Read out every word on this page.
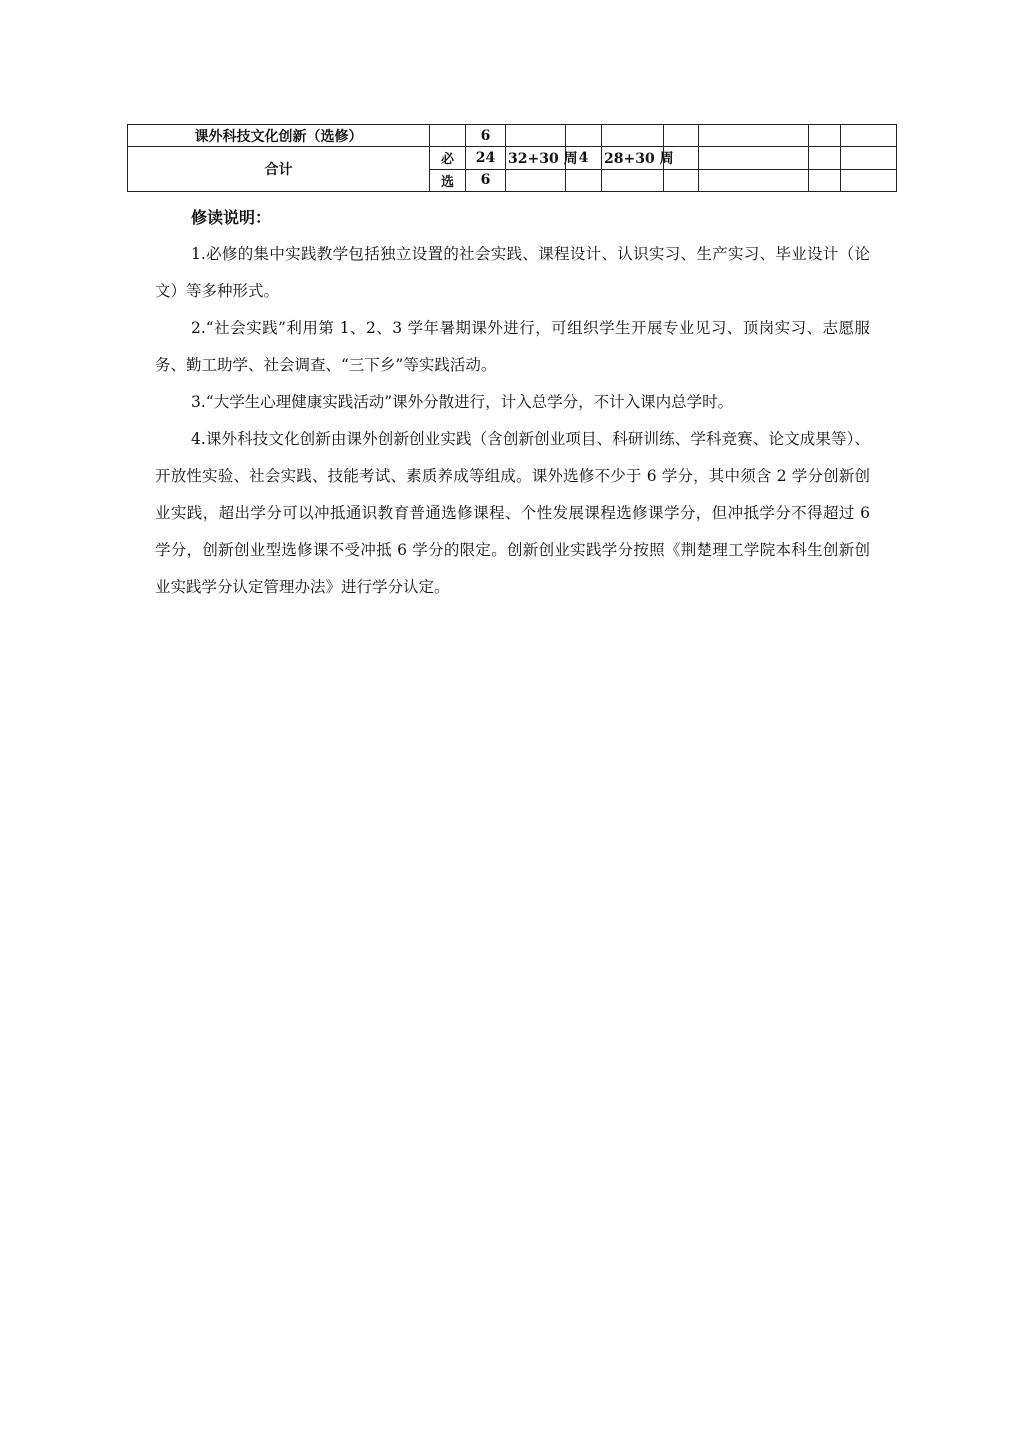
课外科技文化创新（选修）		6							
合计	必	24	32+30 周	4	28+30 周				
	选	6							
修读说明：

1.必修的集中实践教学包括独立设置的社会实践、课程设计、认识实习、生产实习、毕业设计（论文）等多种形式。

2.“社会实践”利用第 1、2、3 学年暑期课外进行，可组织学生开展专业见习、顶岗实习、志愿服务、勤工助学、社会调查、“三下乡”等实践活动。

3.“大学生心理健康实践活动”课外分散进行，计入总学分，不计入课内总学时。

4.课外科技文化创新由课外创新创业实践（含创新创业项目、科研训练、学科竞赛、论文成果等）、开放性实验、社会实践、技能考试、素质养成等组成。课外选修不少于 6 学分，其中须含 2 学分创新创业实践，超出学分可以冲抵通识教育普通选修课程、个性发展课程选修课学分，但冲抵学分不得超过 6 学分，创新创业型选修课不受冲抵 6 学分的限定。创新创业实践学分按照《荆楚理工学院本科生创新创业实践学分认定管理办法》进行学分认定。
